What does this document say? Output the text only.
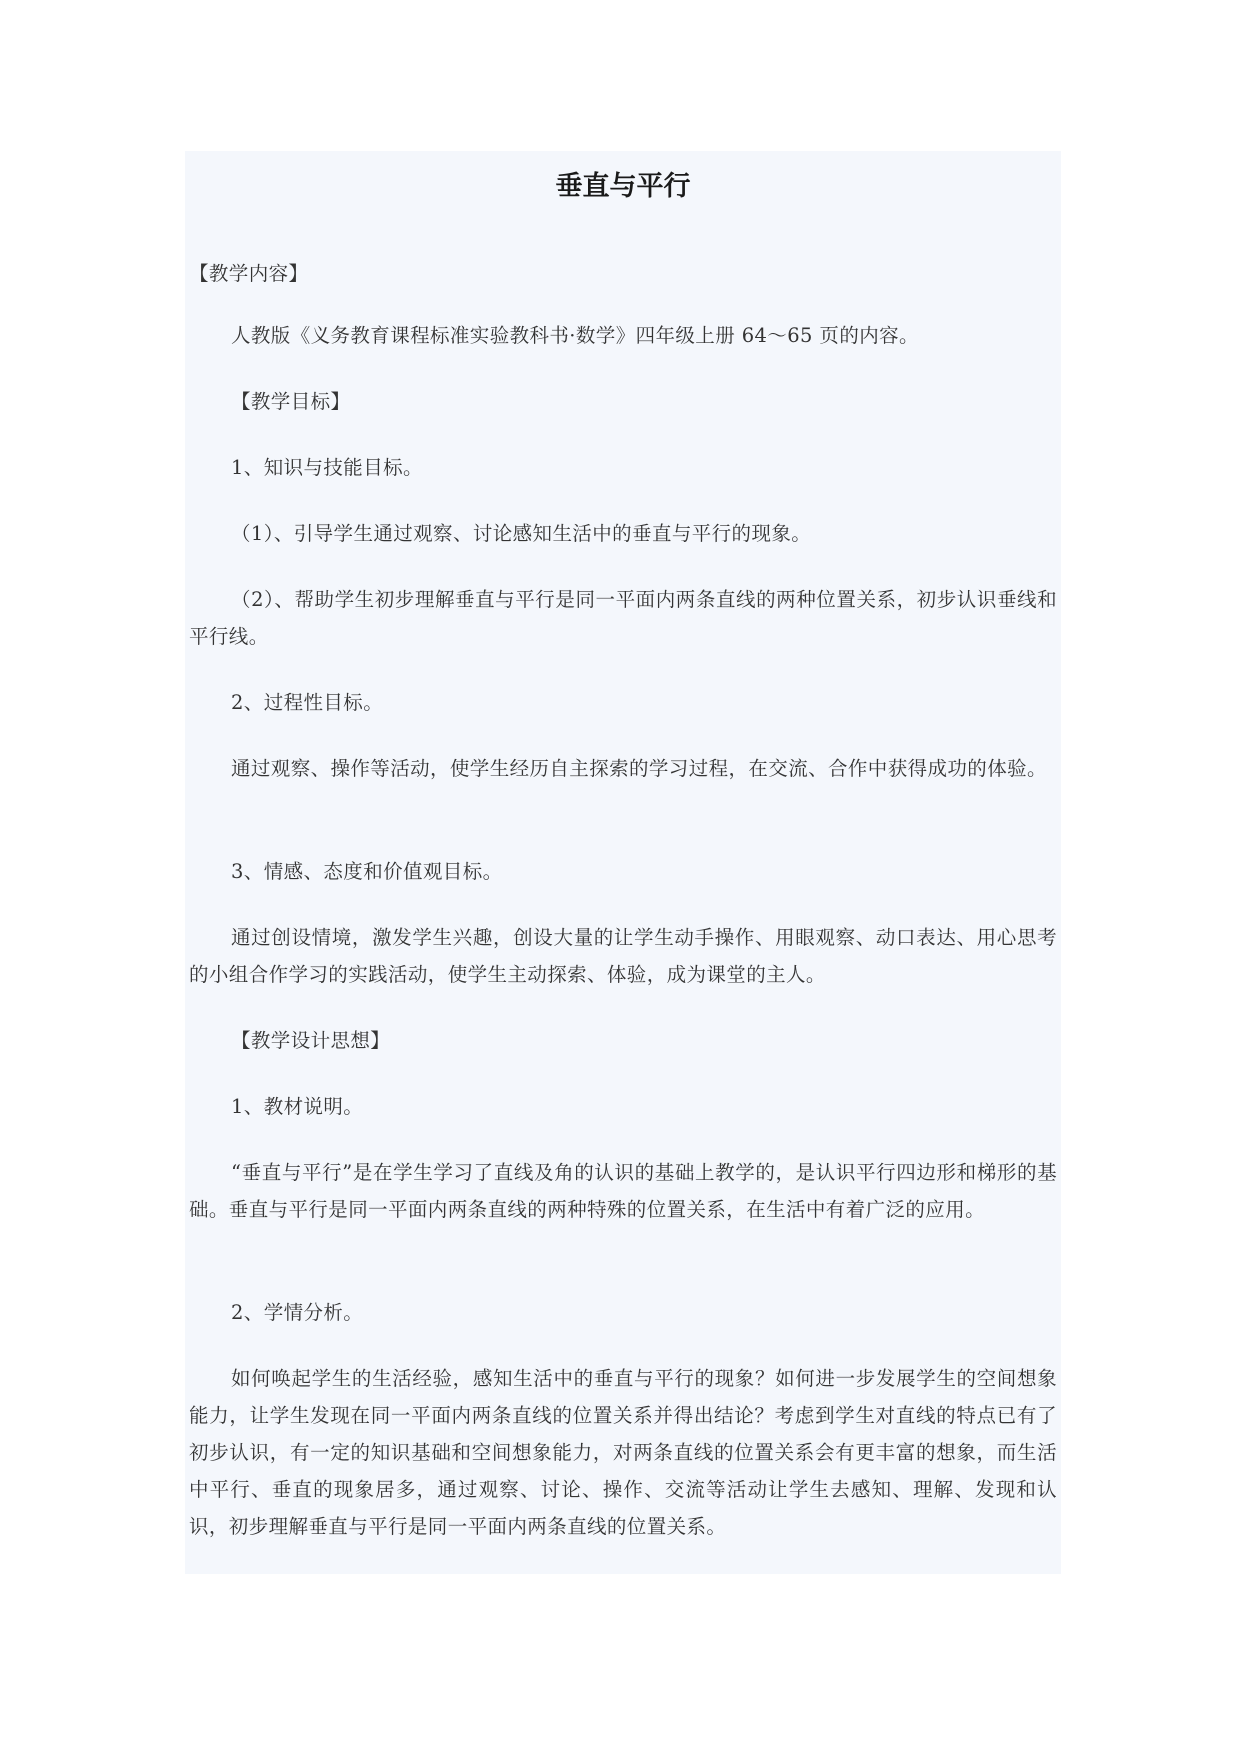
垂直与平行

【教学内容】

人教版《义务教育课程标准实验教科书·数学》四年级上册 64～65 页的内容。

【教学目标】

1、知识与技能目标。

（1）、引导学生通过观察、讨论感知生活中的垂直与平行的现象。

（2）、帮助学生初步理解垂直与平行是同一平面内两条直线的两种位置关系，初步认识垂线和平行线。

2、过程性目标。

通过观察、操作等活动，使学生经历自主探索的学习过程，在交流、合作中获得成功的体验。

3、情感、态度和价值观目标。

通过创设情境，激发学生兴趣，创设大量的让学生动手操作、用眼观察、动口表达、用心思考的小组合作学习的实践活动，使学生主动探索、体验，成为课堂的主人。

【教学设计思想】

1、教材说明。

“垂直与平行”是在学生学习了直线及角的认识的基础上教学的，是认识平行四边形和梯形的基础。垂直与平行是同一平面内两条直线的两种特殊的位置关系，在生活中有着广泛的应用。

2、学情分析。

如何唤起学生的生活经验，感知生活中的垂直与平行的现象？如何进一步发展学生的空间想象能力，让学生发现在同一平面内两条直线的位置关系并得出结论？考虑到学生对直线的特点已有了初步认识，有一定的知识基础和空间想象能力，对两条直线的位置关系会有更丰富的想象，而生活中平行、垂直的现象居多，通过观察、讨论、操作、交流等活动让学生去感知、理解、发现和认识，初步理解垂直与平行是同一平面内两条直线的位置关系。
